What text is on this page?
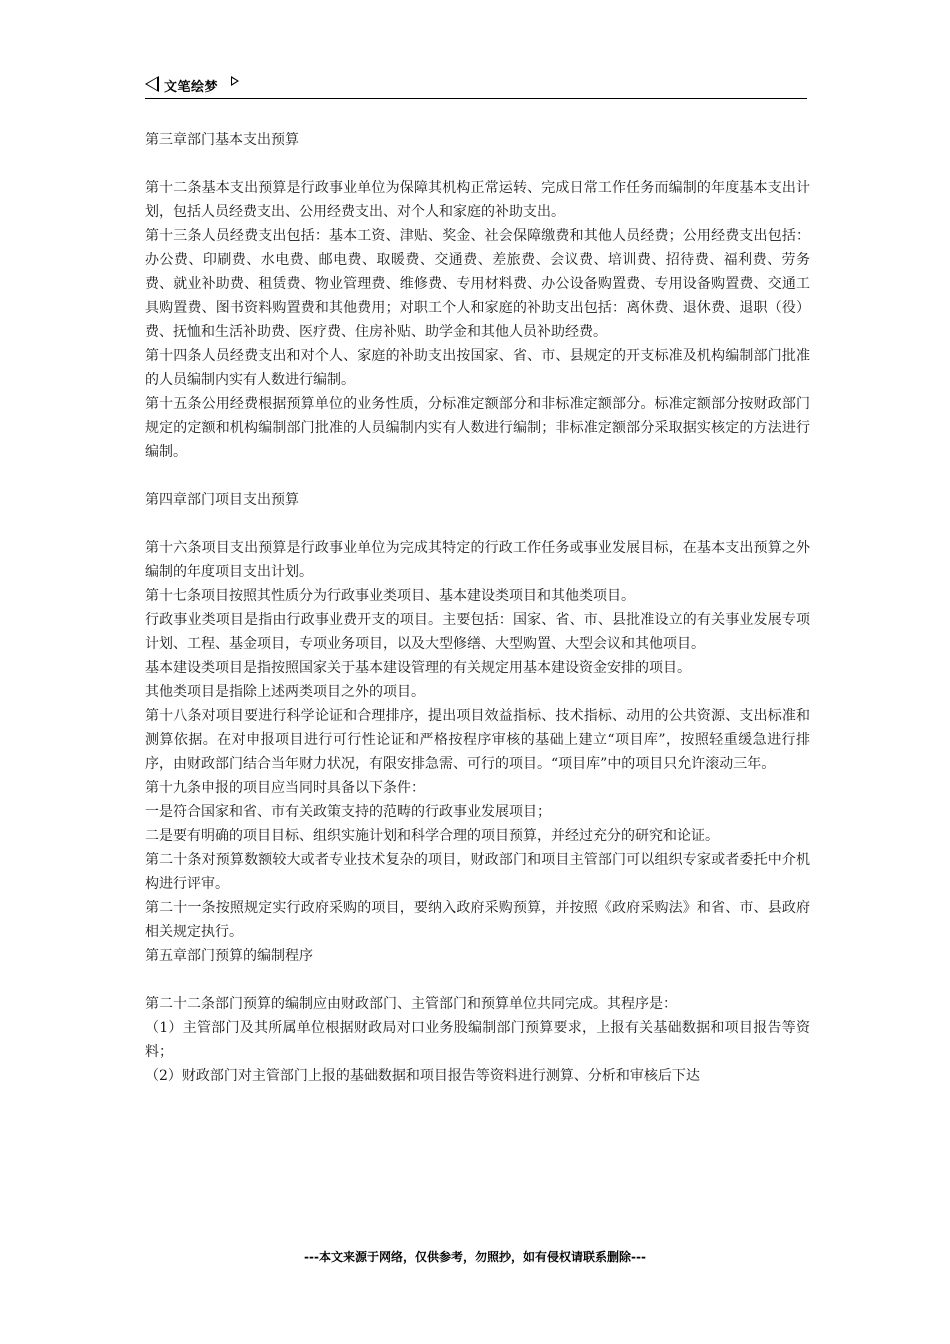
文笔绘梦

第三章部门基本支出预算

第十二条基本支出预算是行政事业单位为保障其机构正常运转、完成日常工作任务而编制的年度基本支出计划，包括人员经费支出、公用经费支出、对个人和家庭的补助支出。

第十三条人员经费支出包括：基本工资、津贴、奖金、社会保障缴费和其他人员经费；公用经费支出包括：办公费、印刷费、水电费、邮电费、取暖费、交通费、差旅费、会议费、培训费、招待费、福利费、劳务费、就业补助费、租赁费、物业管理费、维修费、专用材料费、办公设备购置费、专用设备购置费、交通工具购置费、图书资料购置费和其他费用；对职工个人和家庭的补助支出包括：离休费、退休费、退职（役）费、抚恤和生活补助费、医疗费、住房补贴、助学金和其他人员补助经费。

第十四条人员经费支出和对个人、家庭的补助支出按国家、省、市、县规定的开支标准及机构编制部门批准的人员编制内实有人数进行编制。

第十五条公用经费根据预算单位的业务性质，分标准定额部分和非标准定额部分。标准定额部分按财政部门规定的定额和机构编制部门批准的人员编制内实有人数进行编制；非标准定额部分采取据实核定的方法进行编制。

第四章部门项目支出预算

第十六条项目支出预算是行政事业单位为完成其特定的行政工作任务或事业发展目标，在基本支出预算之外编制的年度项目支出计划。

第十七条项目按照其性质分为行政事业类项目、基本建设类项目和其他类项目。

行政事业类项目是指由行政事业费开支的项目。主要包括：国家、省、市、县批准设立的有关事业发展专项计划、工程、基金项目，专项业务项目，以及大型修缮、大型购置、大型会议和其他项目。

基本建设类项目是指按照国家关于基本建设管理的有关规定用基本建设资金安排的项目。

其他类项目是指除上述两类项目之外的项目。

第十八条对项目要进行科学论证和合理排序，提出项目效益指标、技术指标、动用的公共资源、支出标准和测算依据。在对申报项目进行可行性论证和严格按程序审核的基础上建立“项目库”，按照轻重缓急进行排序，由财政部门结合当年财力状况，有限安排急需、可行的项目。“项目库”中的项目只允许滚动三年。

第十九条申报的项目应当同时具备以下条件：

一是符合国家和省、市有关政策支持的范畴的行政事业发展项目；

二是要有明确的项目目标、组织实施计划和科学合理的项目预算，并经过充分的研究和论证。

第二十条对预算数额较大或者专业技术复杂的项目，财政部门和项目主管部门可以组织专家或者委托中介机构进行评审。

第二十一条按照规定实行政府采购的项目，要纳入政府采购预算，并按照《政府采购法》和省、市、县政府相关规定执行。

第五章部门预算的编制程序

第二十二条部门预算的编制应由财政部门、主管部门和预算单位共同完成。其程序是：

（1）主管部门及其所属单位根据财政局对口业务股编制部门预算要求，上报有关基础数据和项目报告等资料；

（2）财政部门对主管部门上报的基础数据和项目报告等资料进行测算、分析和审核后下达

---本文来源于网络，仅供参考，勿照抄，如有侵权请联系删除---
